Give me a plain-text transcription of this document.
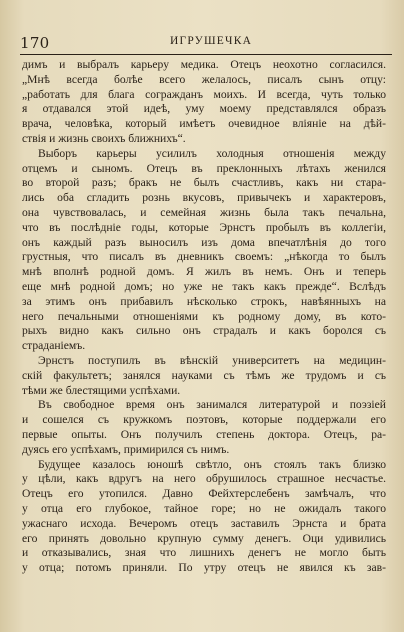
170	ИГРУШЕЧКА
димъ и выбралъ карьеру медика. Отецъ неохотно согласился.
„Мнѣ всегда болѣе всего желалось, писалъ сынъ отцу:
„работать для блага согражданъ моихъ. И всегда, чуть только
я отдавался этой идеѣ, уму моему представлялся образъ
врача, человѣка, который имѣетъ очевидное вліяніе на дѣй-
ствія и жизнь своихъ ближнихъ“.
Выборъ карьеры усилилъ холодныя отношенія между
отцемъ и сыномъ. Отецъ въ преклонныхъ лѣтахъ женился
во второй разъ; бракъ не былъ счастливъ, какъ ни стара-
лись оба сгладить рознь вкусовъ, привычекъ и характеровъ,
она чувствовалась, и семейная жизнь была такъ печальна,
что въ послѣдніе годы, которые Эрнстъ пробылъ въ коллегіи,
онъ каждый разъ выносилъ изъ дома впечатлѣнія до того
грустныя, что писалъ въ дневникъ своемъ: „нѣкогда то былъ
мнѣ вполнѣ родной домъ. Я жилъ въ немъ. Онъ и теперь
еще мнѣ родной домъ; но уже не такъ какъ прежде“. Вслѣдъ
за этимъ онъ прибавилъ нѣсколько строкъ, навѣянныхъ на
него печальными отношеніями къ родному дому, въ кото-
рыхъ видно какъ сильно онъ страдалъ и какъ боролся съ
страданіемъ.
Эрнстъ поступилъ въ вѣнскій университетъ на медицин-
скій факультетъ; занялся науками съ тѣмъ же трудомъ и съ
тѣми же блестящими успѣхами.
Въ свободное время онъ занимался литературой и поэзіей
и сошелся съ кружкомъ поэтовъ, которые поддержали его
первые опыты. Онъ получилъ степень доктора. Отецъ, ра-
дуясь его успѣхамъ, примирился съ нимъ.
Будущее казалось юношѣ свѣтло, онъ стоялъ такъ близко
у цѣли, какъ вдругъ на него обрушилось страшное несчастье.
Отецъ его утопился. Давно Фейхтерслебенъ замѣчалъ, что
у отца его глубокое, тайное горе; но не ожидалъ такого
ужаснаго исхода. Вечеромъ отецъ заставилъ Эрнста и брата
его принять довольно крупную сумму денегъ. Оци удивились
и отказывались, зная что лишнихъ денегъ не могло быть
у отца; потомъ приняли. По утру отецъ не явился къ зав-
